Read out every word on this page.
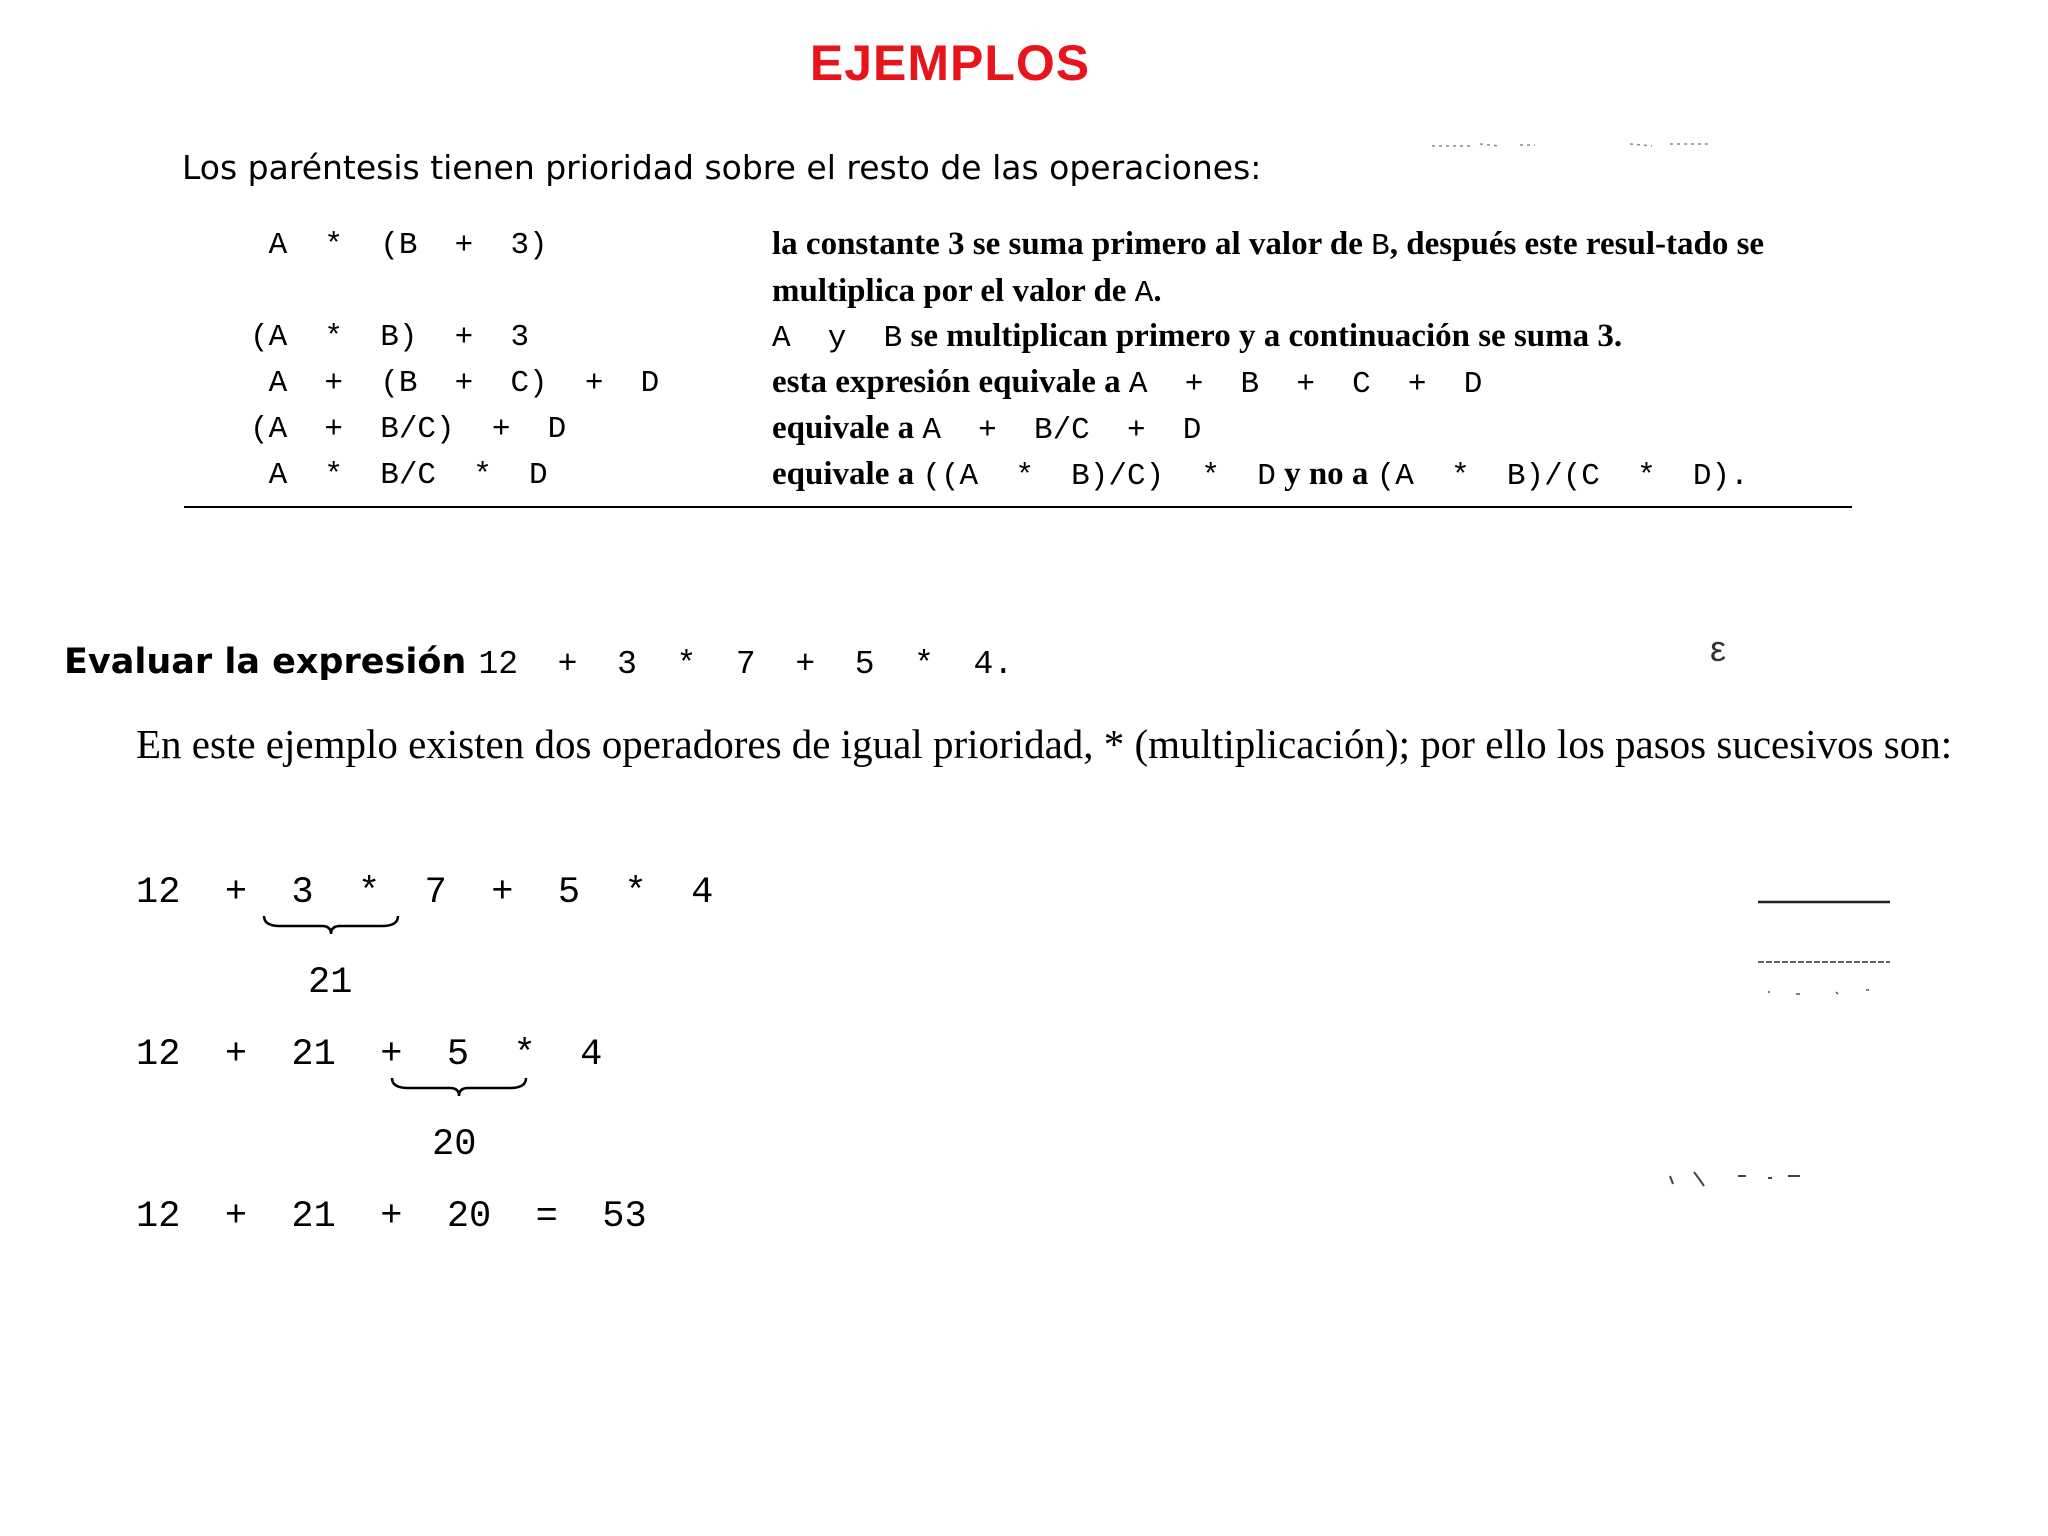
EJEMPLOS
Los paréntesis tienen prioridad sobre el resto de las operaciones:
A  *  (B  +  3)	la constante 3 se suma primero al valor de B, después este resul-tado se multiplica por el valor de A.
(A  *  B)  +  3	A  y  B se multiplican primero y a continuación se suma 3.
A  +  (B  +  C)  +  D	esta expresión equivale a A  +  B  +  C  +  D
(A  +  B/C)  +  D	equivale a A  +  B/C  +  D
A  *  B/C  *  D	equivale a ((A  *  B)/C)  *  D y no a (A  *  B)/(C  *  D).
Evaluar la expresión 12  +  3  *  7  +  5  *  4.
En este ejemplo existen dos operadores de igual prioridad, * (multiplicación); por ello los pasos sucesivos son:
12  +  3  *  7  +  5  *  4
21
12  +  21  +  5  *  4
20
12  +  21  +  20  =  53
ε
